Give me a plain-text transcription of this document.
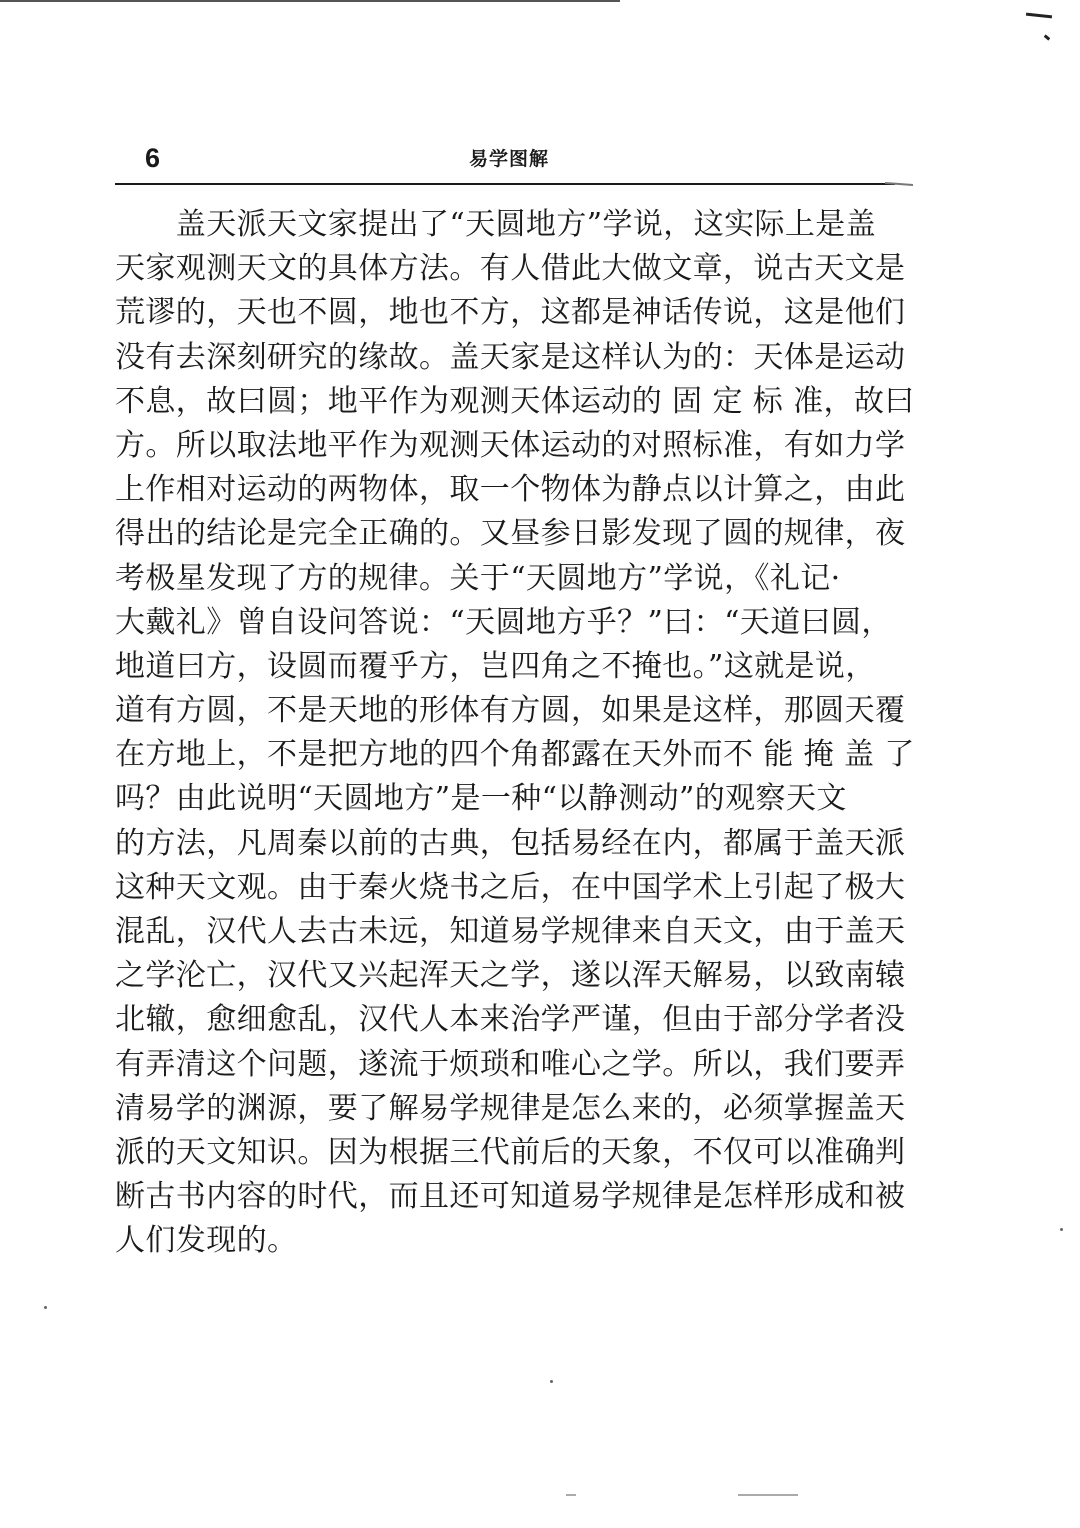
6	易学图解
　　盖天派天文家提出了“天圆地方”学说，这实际上是盖
天家观测天文的具体方法。有人借此大做文章，说古天文是
荒谬的，天也不圆，地也不方，这都是神话传说，这是他们
没有去深刻研究的缘故。盖天家是这样认为的：天体是运动
不息，故曰圆；地平作为观测天体运动的 固 定 标 准，故曰
方。所以取法地平作为观测天体运动的对照标准，有如力学
上作相对运动的两物体，取一个物体为静点以计算之，由此
得出的结论是完全正确的。又昼参日影发现了圆的规律，夜
考极星发现了方的规律。关于“天圆地方”学说，《礼记·
大戴礼》曾自设问答说：“天圆地方乎？”曰：“天道曰圆，
地道曰方，设圆而覆乎方，岂四角之不掩也。”这就是说，
道有方圆，不是天地的形体有方圆，如果是这样，那圆天覆
在方地上，不是把方地的四个角都露在天外而不 能 掩 盖 了
吗？由此说明“天圆地方”是一种“以静测动”的观察天文
的方法，凡周秦以前的古典，包括易经在内，都属于盖天派
这种天文观。由于秦火烧书之后，在中国学术上引起了极大
混乱，汉代人去古未远，知道易学规律来自天文，由于盖天
之学沦亡，汉代又兴起浑天之学，遂以浑天解易，以致南辕
北辙，愈细愈乱，汉代人本来治学严谨，但由于部分学者没
有弄清这个问题，遂流于烦琐和唯心之学。所以，我们要弄
清易学的渊源，要了解易学规律是怎么来的，必须掌握盖天
派的天文知识。因为根据三代前后的天象，不仅可以准确判
断古书内容的时代，而且还可知道易学规律是怎样形成和被
人们发现的。
